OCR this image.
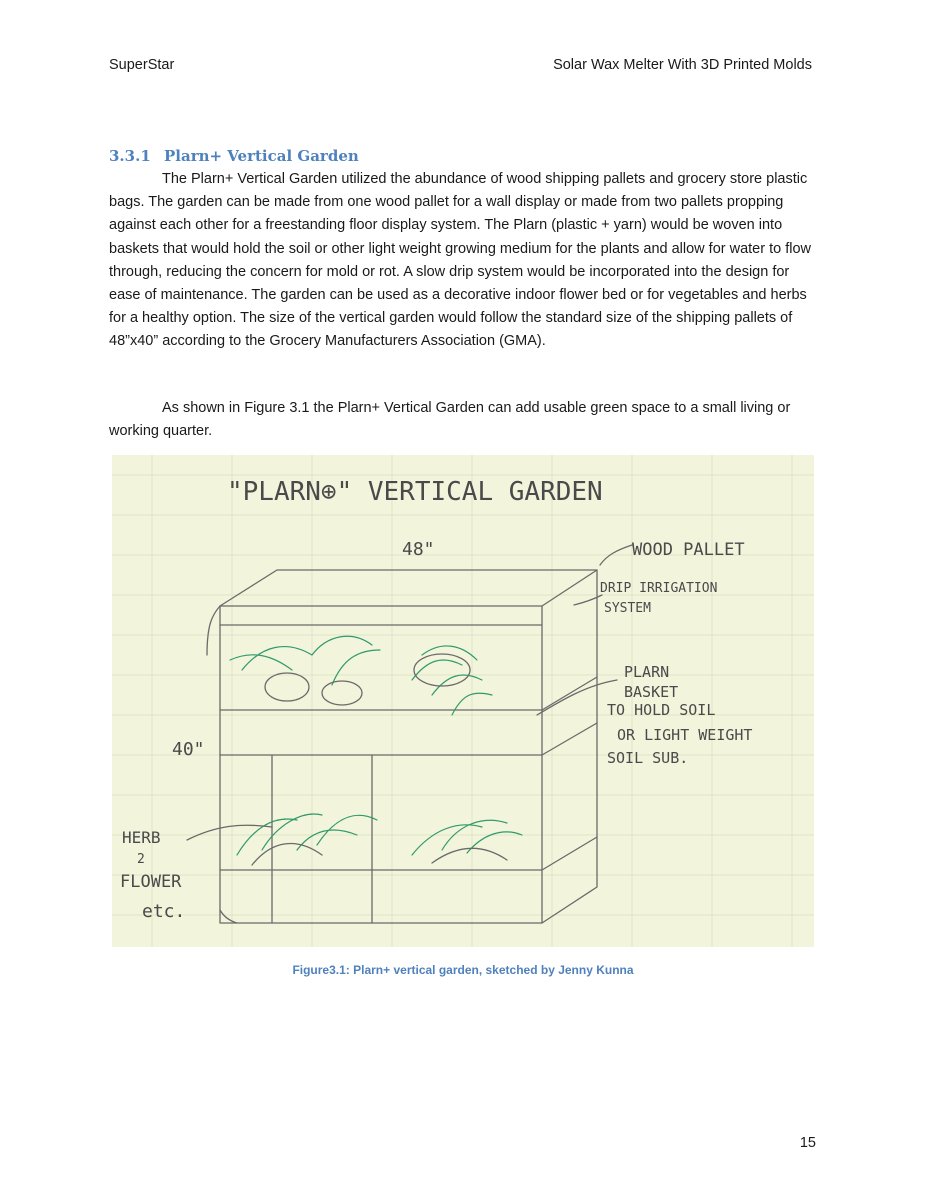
SuperStar	Solar Wax Melter With 3D Printed Molds
3.3.1 Plarn+ Vertical Garden
The Plarn+ Vertical Garden utilized the abundance of wood shipping pallets and grocery store plastic bags. The garden can be made from one wood pallet for a wall display or made from two pallets propping against each other for a freestanding floor display system. The Plarn (plastic + yarn) would be woven into baskets that would hold the soil or other light weight growing medium for the plants and allow for water to flow through, reducing the concern for mold or rot. A slow drip system would be incorporated into the design for ease of maintenance. The garden can be used as a decorative indoor flower bed or for vegetables and herbs for a healthy option. The size of the vertical garden would follow the standard size of the shipping pallets of 48”x40” according to the Grocery Manufacturers Association (GMA).
As shown in Figure 3.1 the Plarn+ Vertical Garden can add usable green space to a small living or working quarter.
"PLARN⊕" VERTICAL GARDEN
48"
40"
WOOD PALLET
DRIP IRRIGATION
SYSTEM
PLARN
BASKET
TO HOLD SOIL
OR LIGHT WEIGHT
SOIL SUB.
HERB
2
FLOWER
etc.
Figure3.1: Plarn+ vertical garden, sketched by Jenny Kunna
15
